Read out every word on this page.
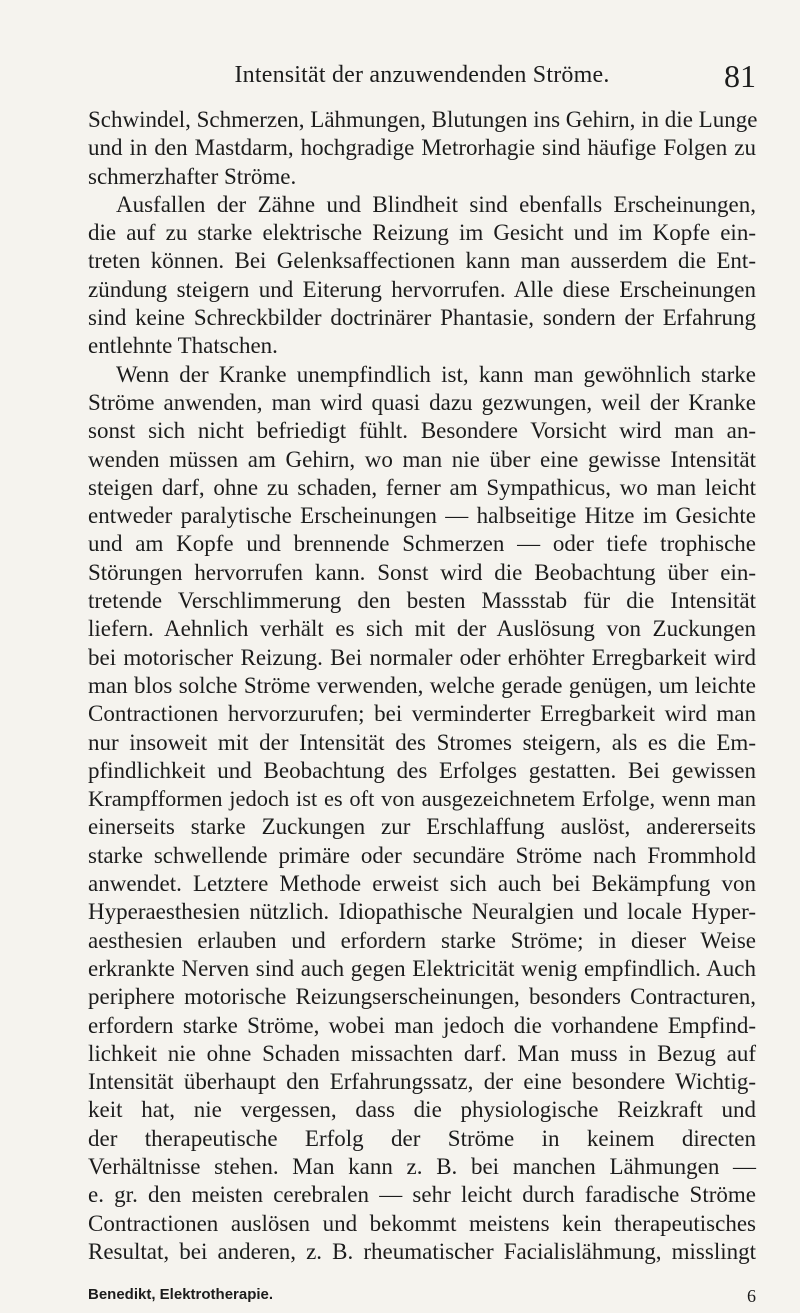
Intensität der anzuwendenden Ströme.	81
Schwindel, Schmerzen, Lähmungen, Blutungen ins Gehirn, in die Lunge
und in den Mastdarm, hochgradige Metrorhagie sind häufige Folgen zu
schmerzhafter Ströme.
Ausfallen der Zähne und Blindheit sind ebenfalls Erscheinungen,
die auf zu starke elektrische Reizung im Gesicht und im Kopfe ein-
treten können. Bei Gelenksaffectionen kann man ausserdem die Ent-
zündung steigern und Eiterung hervorrufen. Alle diese Erscheinungen
sind keine Schreckbilder doctrinärer Phantasie, sondern der Erfahrung
entlehnte Thatschen.
Wenn der Kranke unempfindlich ist, kann man gewöhnlich starke
Ströme anwenden, man wird quasi dazu gezwungen, weil der Kranke
sonst sich nicht befriedigt fühlt. Besondere Vorsicht wird man an-
wenden müssen am Gehirn, wo man nie über eine gewisse Intensität
steigen darf, ohne zu schaden, ferner am Sympathicus, wo man leicht
entweder paralytische Erscheinungen — halbseitige Hitze im Gesichte
und am Kopfe und brennende Schmerzen — oder tiefe trophische
Störungen hervorrufen kann. Sonst wird die Beobachtung über ein-
tretende Verschlimmerung den besten Massstab für die Intensität
liefern. Aehnlich verhält es sich mit der Auslösung von Zuckungen
bei motorischer Reizung. Bei normaler oder erhöhter Erregbarkeit wird
man blos solche Ströme verwenden, welche gerade genügen, um leichte
Contractionen hervorzurufen; bei verminderter Erregbarkeit wird man
nur insoweit mit der Intensität des Stromes steigern, als es die Em-
pfindlichkeit und Beobachtung des Erfolges gestatten. Bei gewissen
Krampfformen jedoch ist es oft von ausgezeichnetem Erfolge, wenn man
einerseits starke Zuckungen zur Erschlaffung auslöst, andererseits
starke schwellende primäre oder secundäre Ströme nach Frommhold
anwendet. Letztere Methode erweist sich auch bei Bekämpfung von
Hyperaesthesien nützlich. Idiopathische Neuralgien und locale Hyper-
aesthesien erlauben und erfordern starke Ströme; in dieser Weise
erkrankte Nerven sind auch gegen Elektricität wenig empfindlich. Auch
periphere motorische Reizungserscheinungen, besonders Contracturen,
erfordern starke Ströme, wobei man jedoch die vorhandene Empfind-
lichkeit nie ohne Schaden missachten darf. Man muss in Bezug auf
Intensität überhaupt den Erfahrungssatz, der eine besondere Wichtig-
keit hat, nie vergessen, dass die physiologische Reizkraft und
der therapeutische Erfolg der Ströme in keinem directen
Verhältnisse stehen. Man kann z. B. bei manchen Lähmungen —
e. gr. den meisten cerebralen — sehr leicht durch faradische Ströme
Contractionen auslösen und bekommt meistens kein therapeutisches
Resultat, bei anderen, z. B. rheumatischer Facialislähmung, misslingt
Benedikt, Elektrotherapie.	6
